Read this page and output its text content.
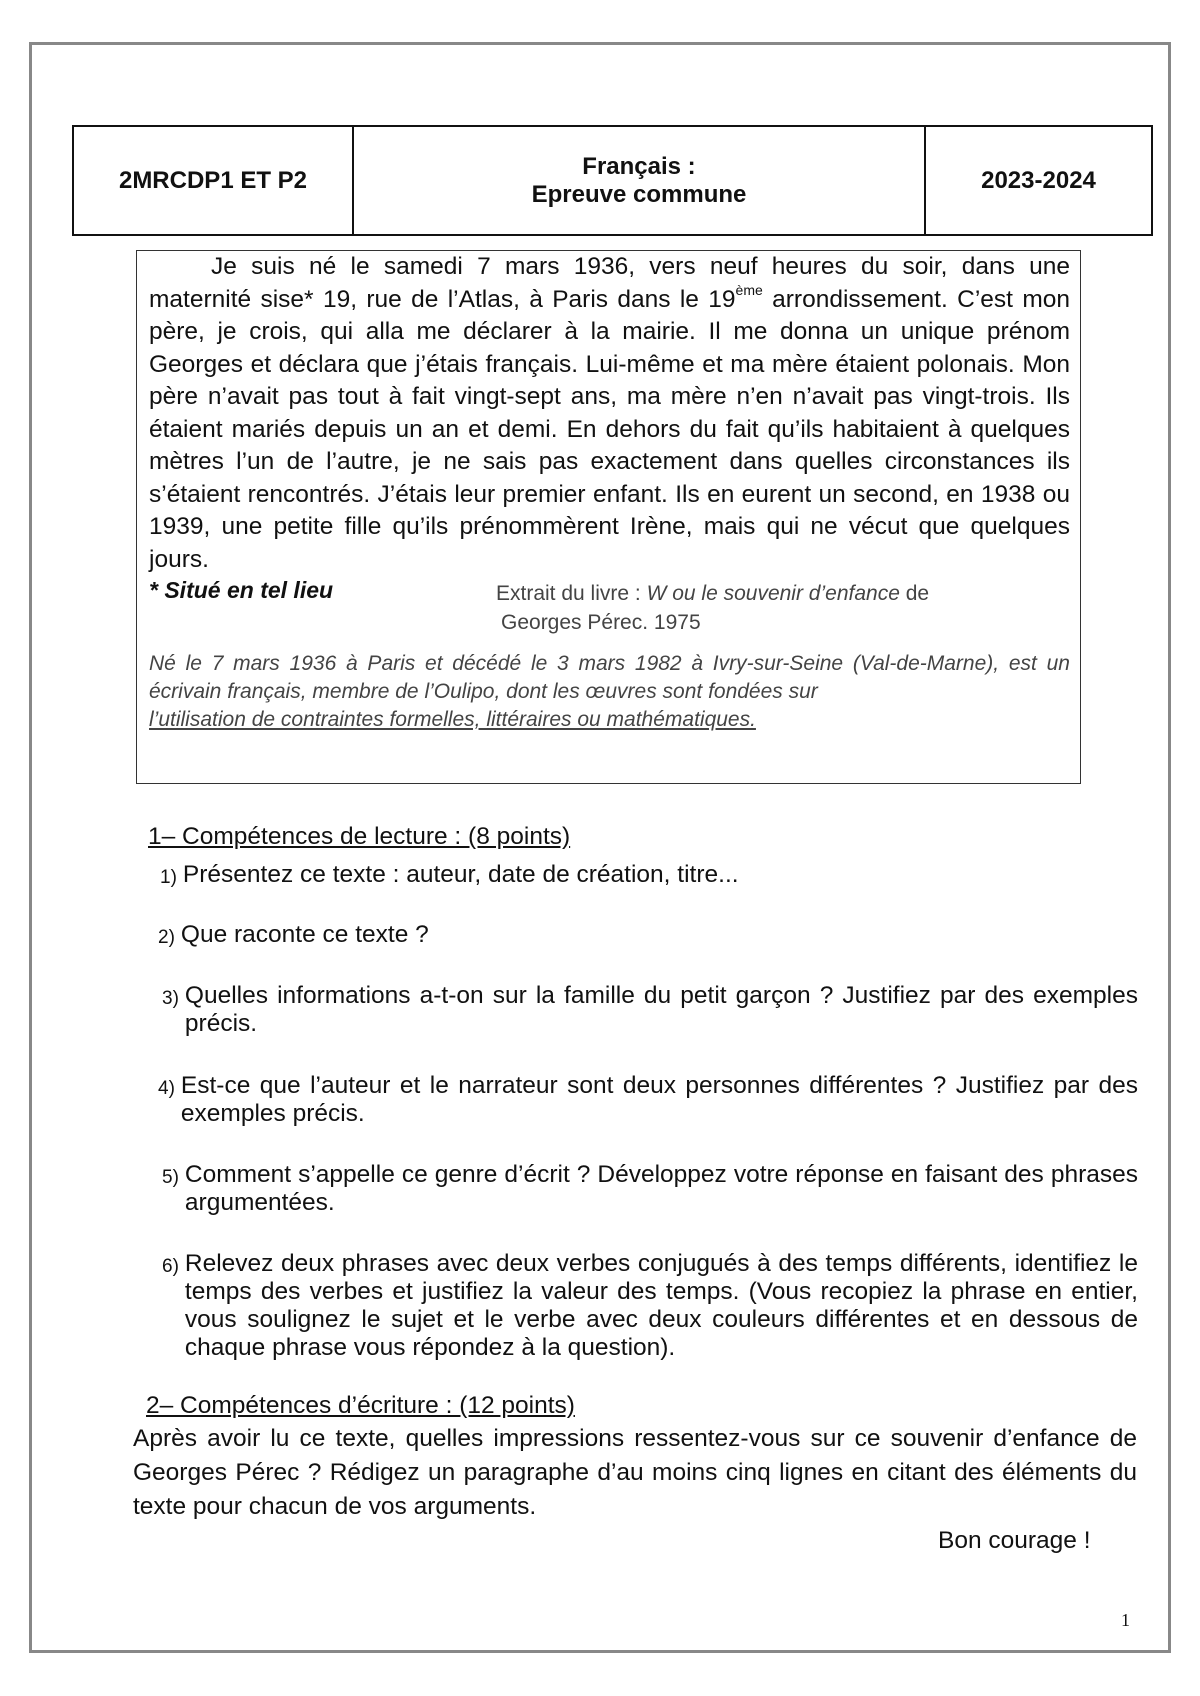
2MRCDP1 ET P2
Français :
Epreuve commune
2023-2024

Je suis né le samedi 7 mars 1936, vers neuf heures du soir, dans une maternité sise* 19, rue de l’Atlas, à Paris dans le 19ème arrondissement. C’est mon père, je crois, qui alla me déclarer à la mairie. Il me donna un unique prénom Georges et déclara que j’étais français. Lui-même et ma mère étaient polonais. Mon père n’avait pas tout à fait vingt-sept ans, ma mère n’en n’avait pas vingt-trois. Ils étaient mariés depuis un an et demi. En dehors du fait qu’ils habitaient à quelques mètres l’un de l’autre, je ne sais pas exactement dans quelles circonstances ils s’étaient rencontrés. J’étais leur premier enfant. Ils en eurent un second, en 1938 ou 1939, une petite fille qu’ils prénommèrent Irène, mais qui ne vécut que quelques jours.

* Situé en tel lieu	Extrait du livre : W ou le souvenir d’enfance de
Georges Pérec. 1975
Né le 7 mars 1936 à Paris et décédé le 3 mars 1982 à Ivry-sur-Seine (Val-de-Marne), est un écrivain français, membre de l’Oulipo, dont les œuvres sont fondées sur
l’utilisation de contraintes formelles, littéraires ou mathématiques.
1– Compétences de lecture : (8 points)
1) Présentez ce texte : auteur, date de création, titre...
2) Que raconte ce texte ?
3) Quelles informations a-t-on sur la famille du petit garçon ? Justifiez par des exemples précis.
4) Est-ce que l’auteur et le narrateur sont deux personnes différentes ? Justifiez par des exemples précis.
5) Comment s’appelle ce genre d’écrit ? Développez votre réponse en faisant des phrases argumentées.
6) Relevez deux phrases avec deux verbes conjugués à des temps différents, identifiez le temps des verbes et justifiez la valeur des temps. (Vous recopiez la phrase en entier, vous soulignez le sujet et le verbe avec deux couleurs différentes et en dessous de chaque phrase vous répondez à la question).
2– Compétences d’écriture : (12 points)
Après avoir lu ce texte, quelles impressions ressentez-vous sur ce souvenir d’enfance de Georges Pérec ? Rédigez un paragraphe d’au moins cinq lignes en citant des éléments du texte pour chacun de vos arguments.
Bon courage !
1
